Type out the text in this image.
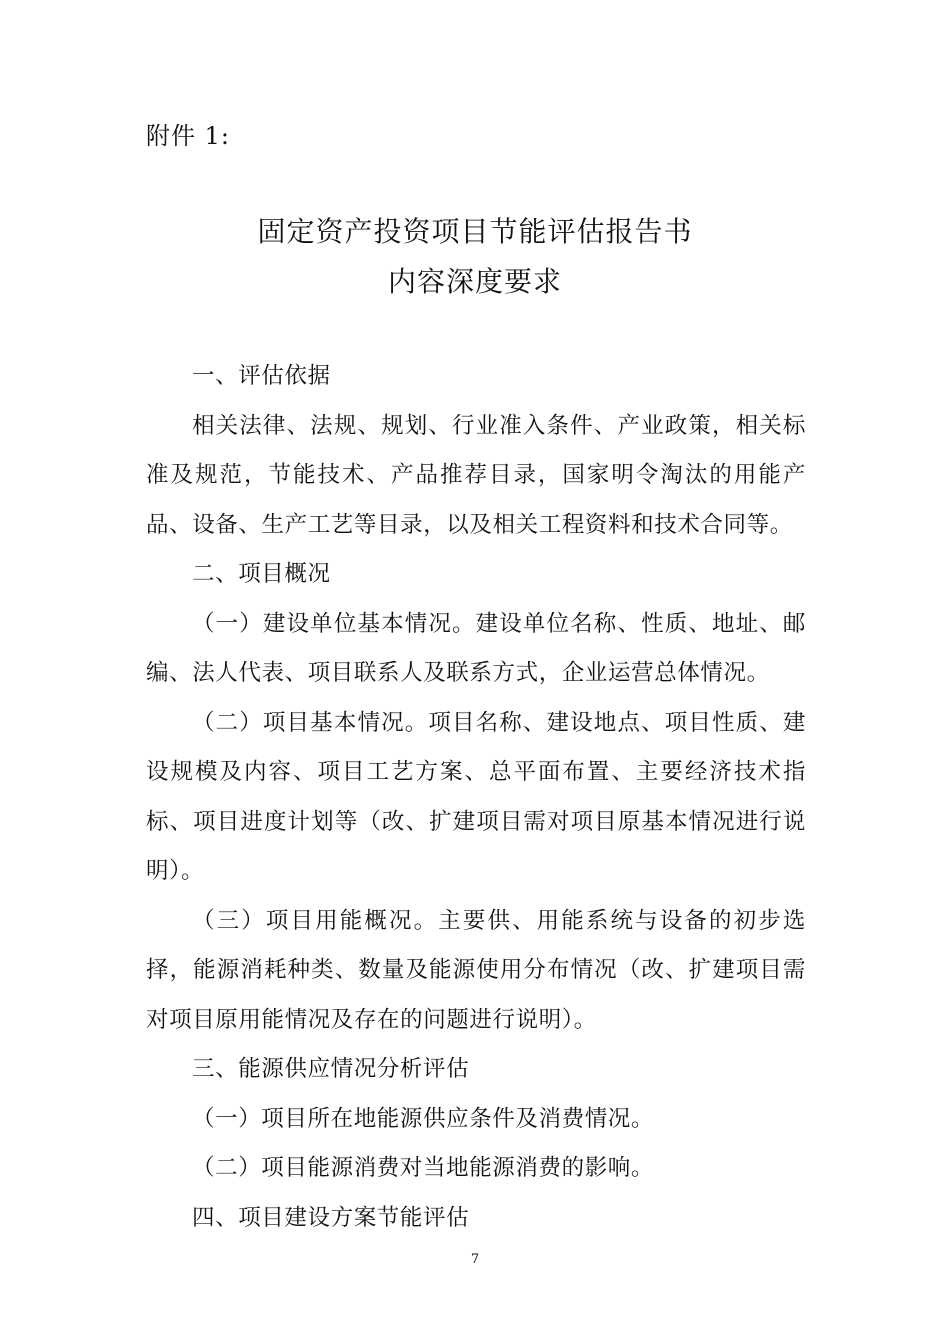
附件 1:
固定资产投资项目节能评估报告书
内容深度要求

一、评估依据

相关法律、法规、规划、行业准入条件、产业政策，相关标准及规范，节能技术、产品推荐目录，国家明令淘汰的用能产品、设备、生产工艺等目录，以及相关工程资料和技术合同等。

二、项目概况

（一）建设单位基本情况。建设单位名称、性质、地址、邮编、法人代表、项目联系人及联系方式，企业运营总体情况。

（二）项目基本情况。项目名称、建设地点、项目性质、建设规模及内容、项目工艺方案、总平面布置、主要经济技术指标、项目进度计划等（改、扩建项目需对项目原基本情况进行说明）。

（三）项目用能概况。主要供、用能系统与设备的初步选择，能源消耗种类、数量及能源使用分布情况（改、扩建项目需对项目原用能情况及存在的问题进行说明）。

三、能源供应情况分析评估

（一）项目所在地能源供应条件及消费情况。

（二）项目能源消费对当地能源消费的影响。

四、项目建设方案节能评估

7
